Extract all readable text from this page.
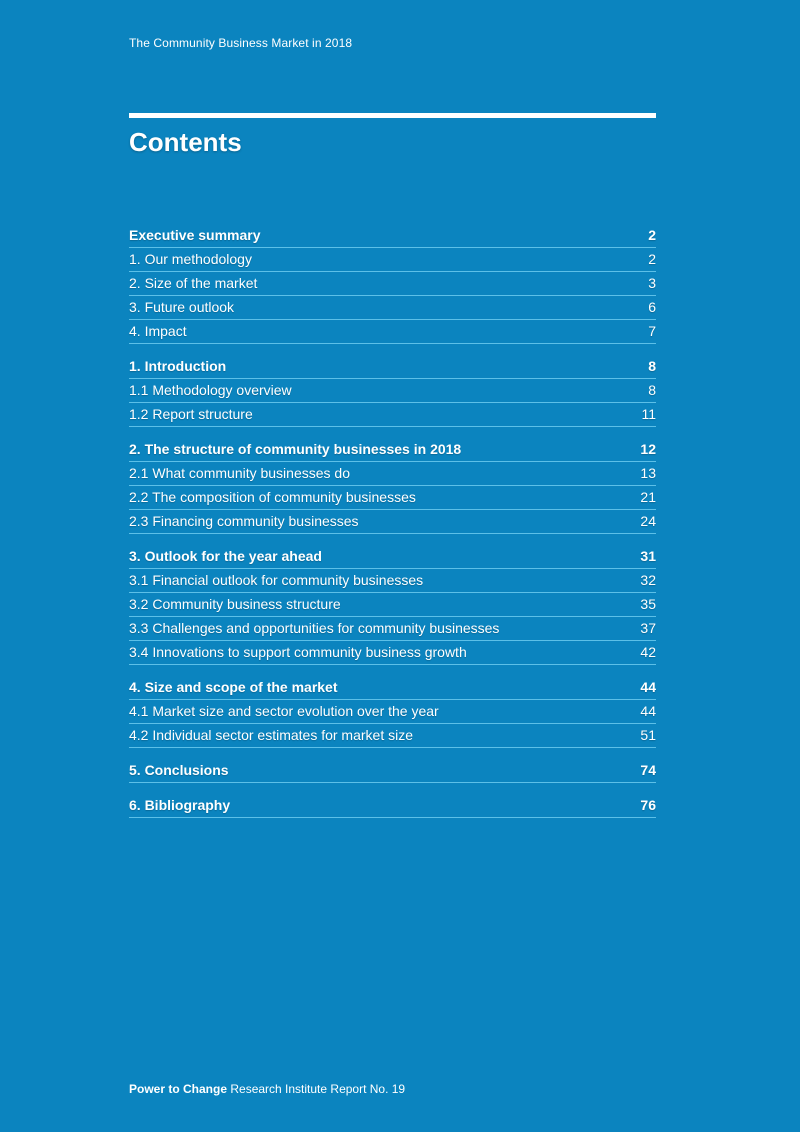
The Community Business Market in 2018
Contents
Executive summary	2
1. Our methodology	2
2. Size of the market	3
3. Future outlook	6
4. Impact	7
1. Introduction	8
1.1 Methodology overview	8
1.2 Report structure	11
2. The structure of community businesses in 2018	12
2.1 What community businesses do	13
2.2 The composition of community businesses	21
2.3 Financing community businesses	24
3. Outlook for the year ahead	31
3.1 Financial outlook for community businesses	32
3.2 Community business structure	35
3.3 Challenges and opportunities for community businesses	37
3.4 Innovations to support community business growth	42
4. Size and scope of the market	44
4.1 Market size and sector evolution over the year	44
4.2 Individual sector estimates for market size	51
5. Conclusions	74
6. Bibliography	76
Power to Change Research Institute Report No. 19
